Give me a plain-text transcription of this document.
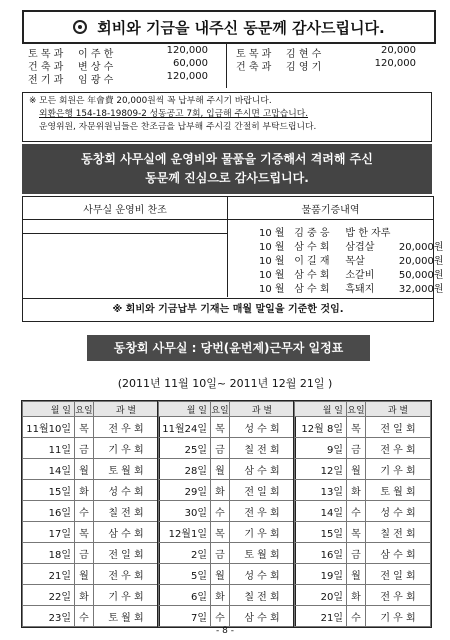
회비와 기금을 내주신 동문께 감사드립니다.
토 목 과	이 주 한	120,000
건 축 과	변 상 수	60,000
전 기 과	임 광 수	120,000
토 목 과	김 현 수	20,000
건 축 과	김 영 기	120,000
※ 모든 회원은 年會費 20,000원씩 꼭 납부해 주시기 바랍니다.
외환은행 154-18-19809-2 성동공고 7회, 입금해 주시면 고맙습니다.
운영위원, 자문위원님들은 찬조금을 납부해 주시길 간절히 부탁드립니다.
동창회 사무실에 운영비와 물품을 기증해서 격려해 주신
동문께 진심으로 감사드립니다.
사무실 운영비 찬조	물품기증내역
10 월 김 중 응 밥 한 자루
10 월 삼 수 회 삼겹살 20,000원
10 월 이 길 재 목살	20,000원
10 월 삼 수 회 소갈비 50,000원
10 월 삼 수 회 흑돼지 32,000원
※ 회비와 기금납부 기재는 매월 말일을 기준한 것임.
동창회 사무실 : 당번(윤번제)근무자 일정표
(2011년 11월 10일~ 2011년 12월 21일 )
월 일	요일	과 별
11월10일	목	전 우 회
11일	금	기 우 회
14일	월	토 월 회
15일	화	성 수 회
16일	수	칠 전 회
17일	목	삼 수 회
18일	금	전 일 회
21일	월	전 우 회
22일	화	기 우 회
23일	수	토 월 회
월 일	요일	과 별
11월24일	목	성 수 회
25일	금	칠 전 회
28일	월	삼 수 회
29일	화	전 일 회
30일	수	전 우 회
12월1일	목	기 우 회
2일	금	토 월 회
5일	월	성 수 회
6일	화	칠 전 회
7일	수	삼 수 회
월 일	요일	과 별
12월 8일	목	전 일 회
9일	금	전 우 회
12일	월	기 우 회
13일	화	토 월 회
14일	수	성 수 회
15일	목	칠 전 회
16일	금	삼 수 회
19일	월	전 일 회
20일	화	전 우 회
21일	수	기 우 회
- 8 -
